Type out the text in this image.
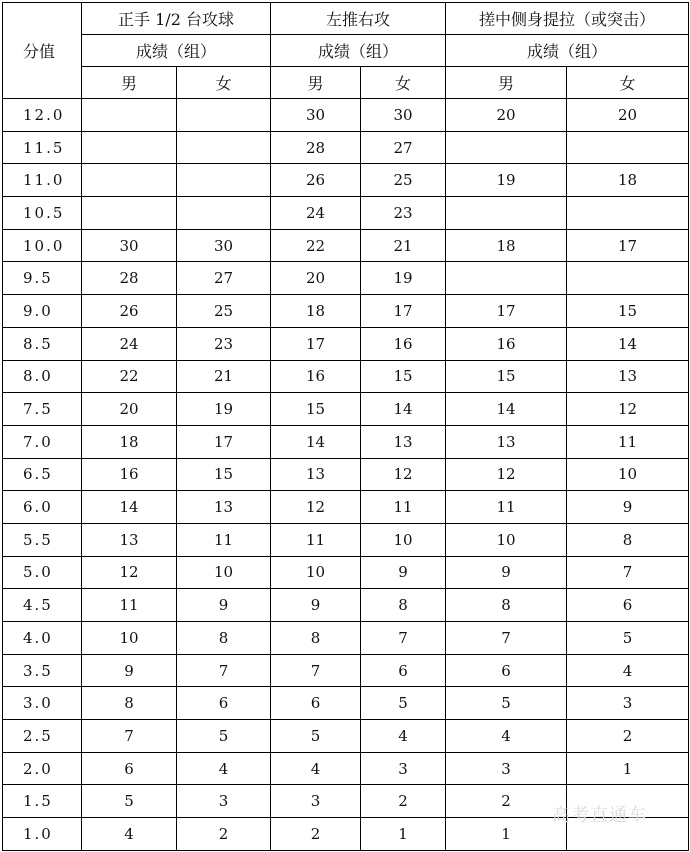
分值	正手 1/2 台攻球		左推右攻		搓中侧身提拉（或突击）	
	成绩（组）		成绩（组）		成绩（组）	
	男	女	男	女	男	女
12.0			30	30	20	20
11.5			28	27		
11.0			26	25	19	18
10.5			24	23		
10.0	30	30	22	21	18	17
9.5	28	27	20	19		
9.0	26	25	18	17	17	15
8.5	24	23	17	16	16	14
8.0	22	21	16	15	15	13
7.5	20	19	15	14	14	12
7.0	18	17	14	13	13	11
6.5	16	15	13	12	12	10
6.0	14	13	12	11	11	9
5.5	13	11	11	10	10	8
5.0	12	10	10	9	9	7
4.5	11	9	9	8	8	6
4.0	10	8	8	7	7	5
3.5	9	7	7	6	6	4
3.0	8	6	6	5	5	3
2.5	7	5	5	4	4	2
2.0	6	4	4	3	3	1
1.5	5	3	3	2	2	
1.0	4	2	2	1	1	
高考直通车
